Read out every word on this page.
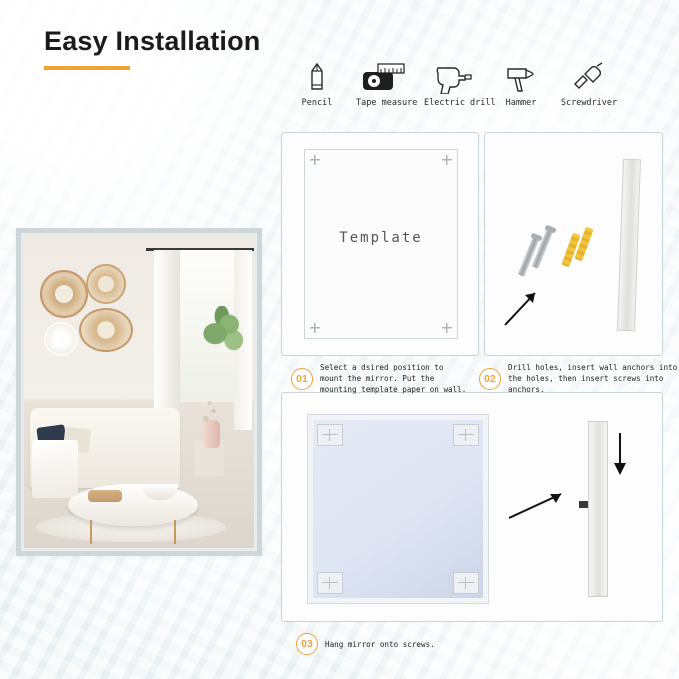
Easy Installation
Pencil	Tape measure Electric drill	Hammer	Screwdriver
Template
01
Select a dsired position to mount the mirror. Put the mounting template paper on wall.
02
Drill holes, insert wall anchors into the holes, then insert screws into anchors.
03	Hang mirror onto screws.
